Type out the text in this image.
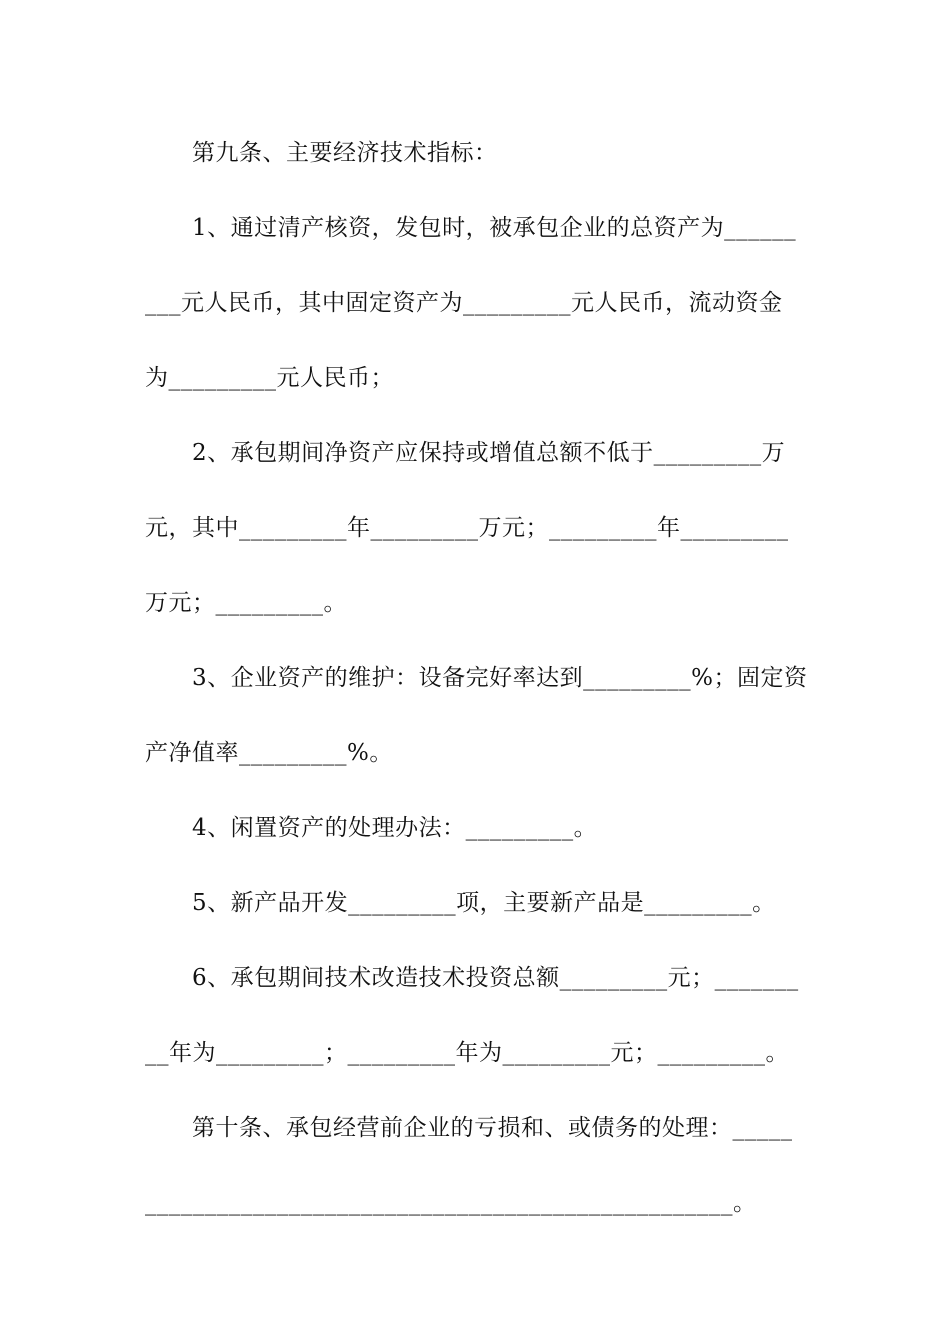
第九条、主要经济技术指标：
1、通过清产核资，发包时，被承包企业的总资产为______
___元人民币，其中固定资产为_________元人民币，流动资金
为_________元人民币；
2、承包期间净资产应保持或增值总额不低于_________万
元，其中_________年_________万元；_________年_________
万元；_________。
3、企业资产的维护：设备完好率达到_________%；固定资
产净值率_________%。
4、闲置资产的处理办法：_________。
5、新产品开发_________项，主要新产品是_________。
6、承包期间技术改造技术投资总额_________元；_______
__年为_________；_________年为_________元；_________。
第十条、承包经营前企业的亏损和、或债务的处理：_____
_________________________________________________。
